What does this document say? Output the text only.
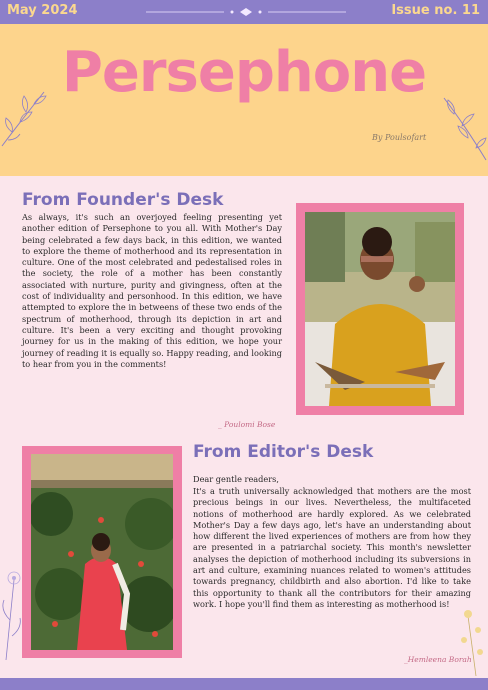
May 2024	Issue no. 11
Persephone
By Poulsofart
From Founder's Desk
As always, it's such an overjoyed feeling presenting yet another edition of Persephone to you all. With Mother's Day being celebrated a few days back, in this edition, we wanted to explore the theme of motherhood and its representation in culture. One of the most celebrated and pedestalised roles in the society, the role of a mother has been constantly associated with nurture, purity and givingness, often at the cost of individuality and personhood. In this edition, we have attempted to explore the in betweens of these two ends of the spectrum of motherhood, through its depiction in art and culture. It's been a very exciting and thought provoking journey for us in the making of this edition, we hope your journey of reading it is equally so. Happy reading, and looking to hear from you in the comments!
_ Poulomi Bose
From Editor's Desk
Dear gentle readers,
It's a truth universally acknowledged that mothers are the most precious beings in our lives. Nevertheless, the multifaceted notions of motherhood are hardly explored. As we celebrated Mother's Day a few days ago, let's have an understanding about how different the lived experiences of mothers are from how they are presented in a patriarchal society. This month's newsletter analyses the depiction of motherhood including its subversions in art and culture, examining nuances related to women's attitudes towards pregnancy, childbirth and also abortion. I'd like to take this opportunity to thank all the contributors for their amazing work. I hope you'll find them as interesting as motherhood is!
_Hemleena Borah
